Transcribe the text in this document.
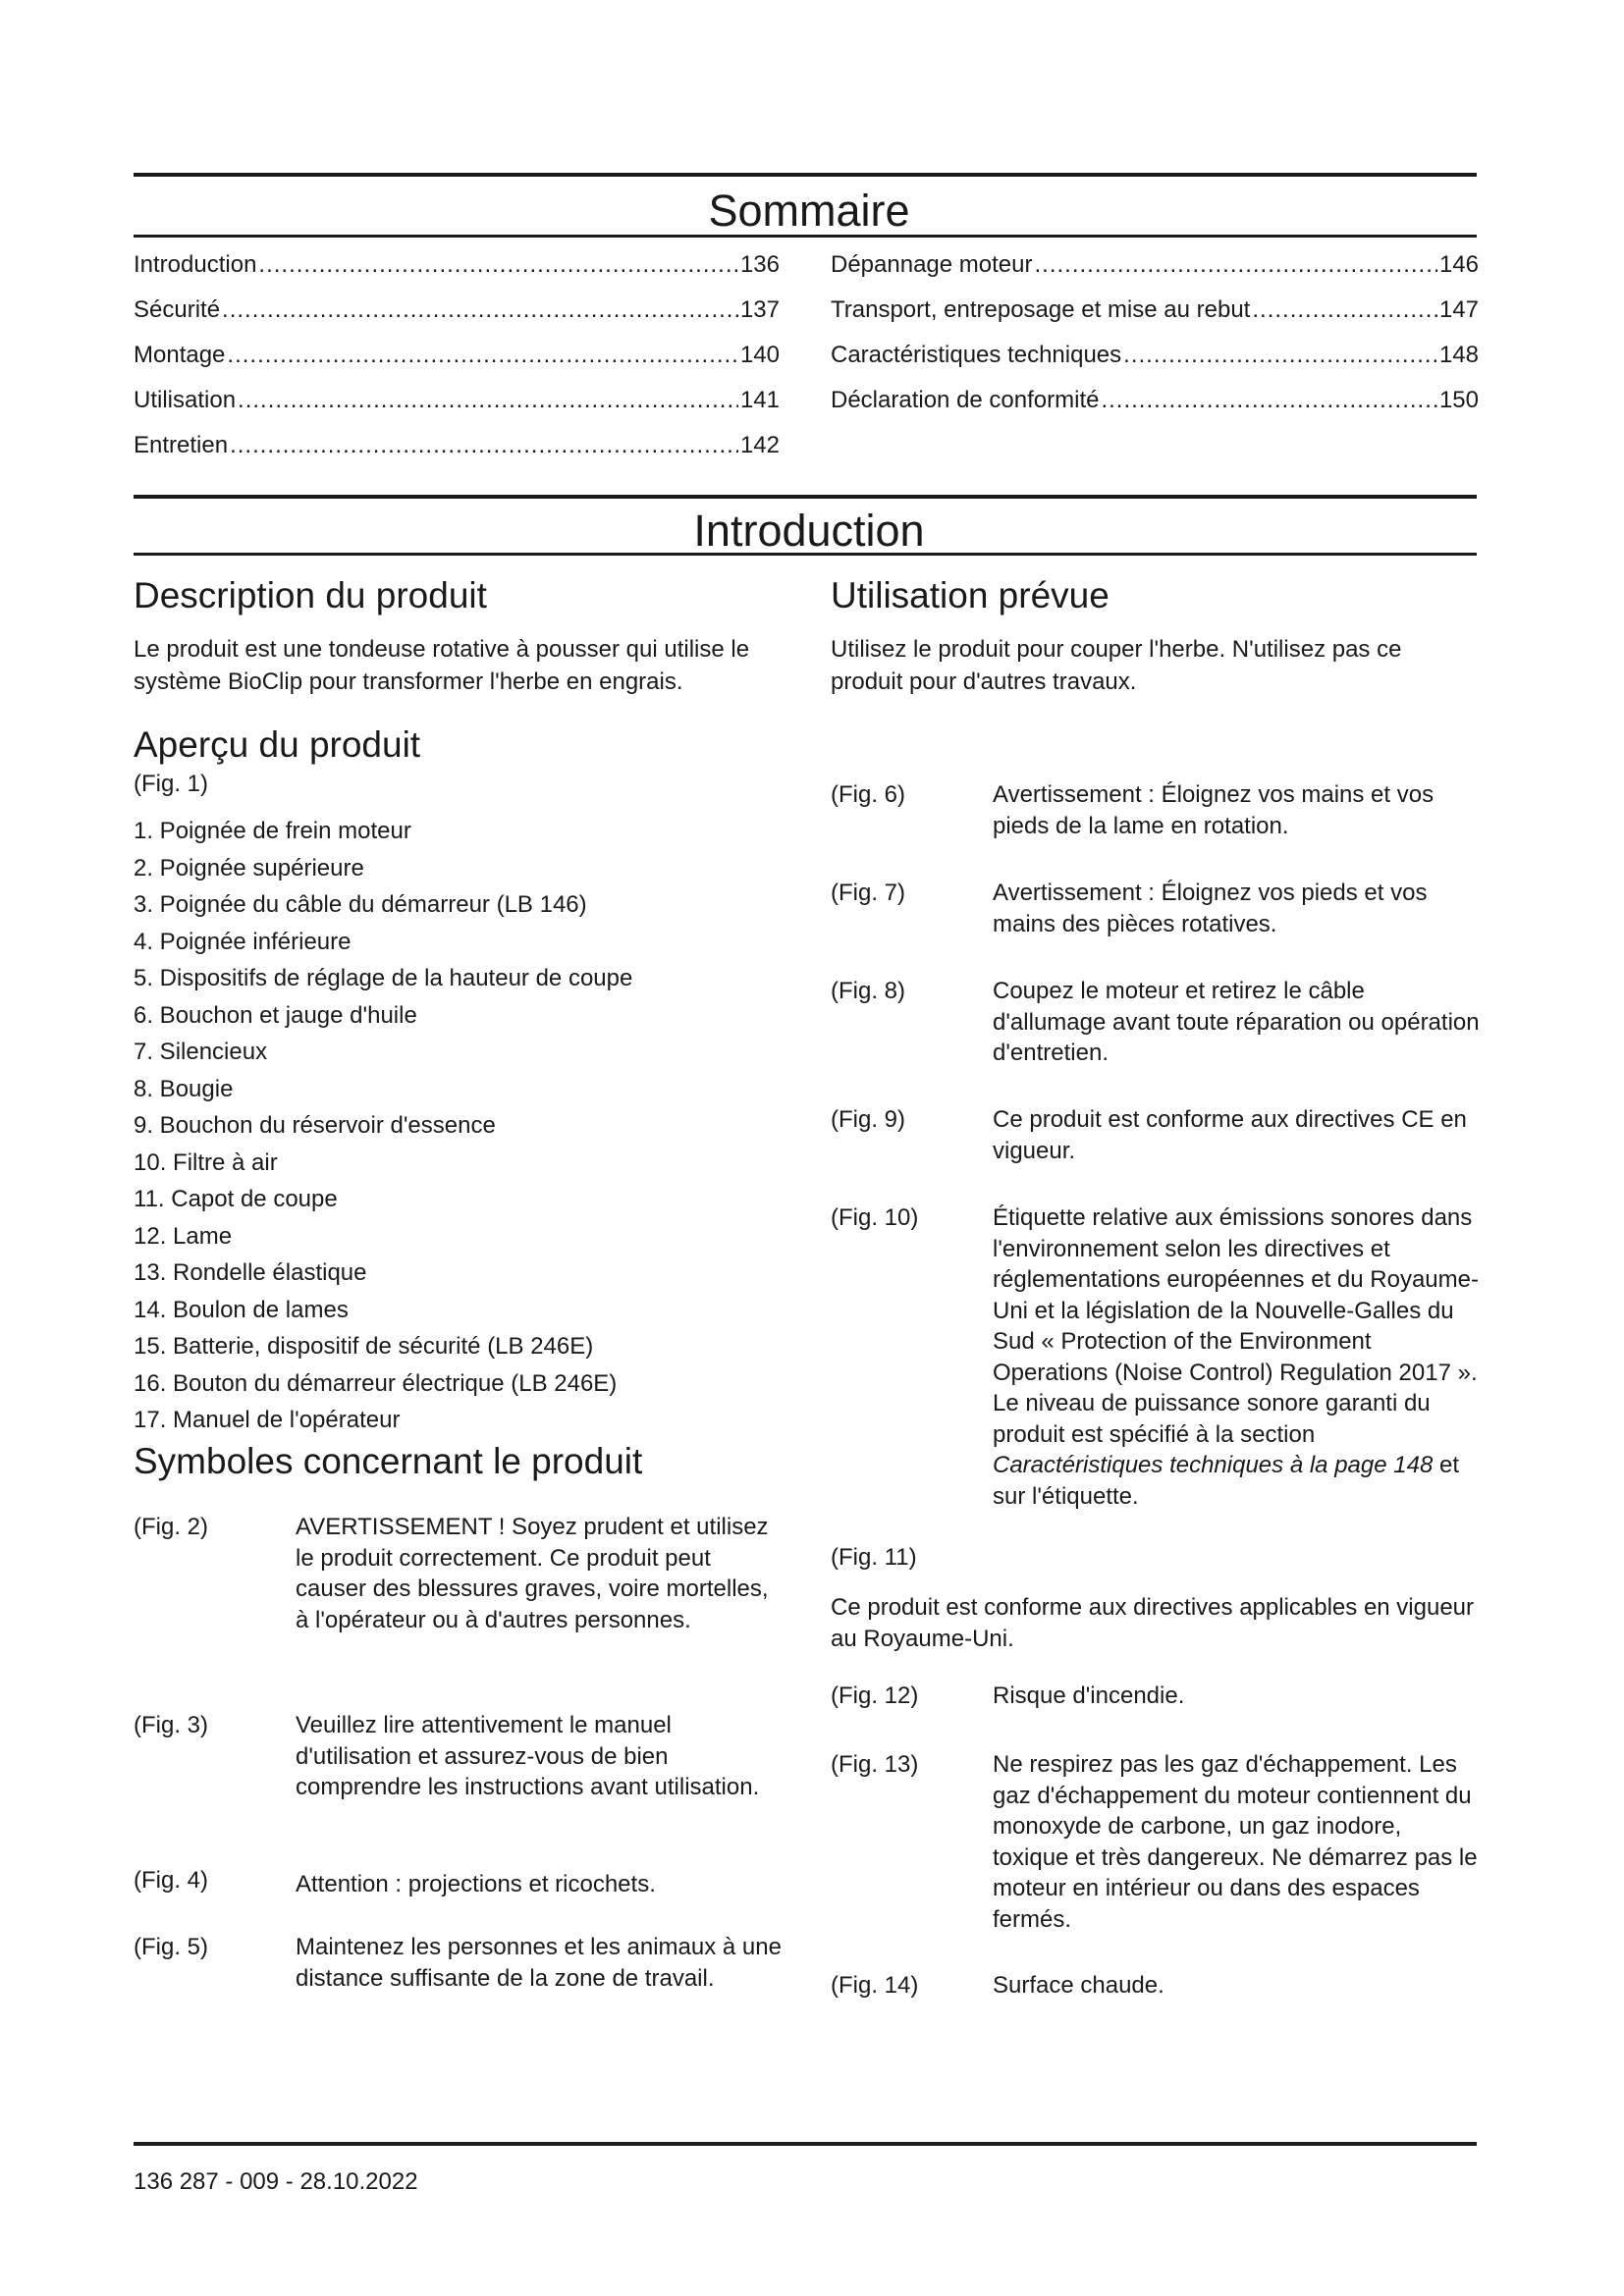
Sommaire
Introduction .....	136
Sécurité .....	137
Montage .....	140
Utilisation .....	141
Entretien .....	142
Dépannage moteur .....	146
Transport, entreposage et mise au rebut .....	147
Caractéristiques techniques .....	148
Déclaration de conformité .....	150
Introduction
Description du produit
Le produit est une tondeuse rotative à pousser qui utilise le système BioClip pour transformer l'herbe en engrais.
Utilisation prévue
Utilisez le produit pour couper l'herbe. N'utilisez pas ce produit pour d'autres travaux.
Aperçu du produit
(Fig. 1)
1. Poignée de frein moteur
2. Poignée supérieure
3. Poignée du câble du démarreur (LB 146)
4. Poignée inférieure
5. Dispositifs de réglage de la hauteur de coupe
6. Bouchon et jauge d'huile
7. Silencieux
8. Bougie
9. Bouchon du réservoir d'essence
10. Filtre à air
11. Capot de coupe
12. Lame
13. Rondelle élastique
14. Boulon de lames
15. Batterie, dispositif de sécurité (LB 246E)
16. Bouton du démarreur électrique (LB 246E)
17. Manuel de l'opérateur
Symboles concernant le produit
(Fig. 2)	AVERTISSEMENT ! Soyez prudent et utilisez le produit correctement. Ce produit peut causer des blessures graves, voire mortelles, à l'opérateur ou à d'autres personnes.
(Fig. 3)	Veuillez lire attentivement le manuel d'utilisation et assurez-vous de bien comprendre les instructions avant utilisation.
(Fig. 4)	Attention : projections et ricochets.
(Fig. 5)	Maintenez les personnes et les animaux à une distance suffisante de la zone de travail.
(Fig. 6)	Avertissement : Éloignez vos mains et vos pieds de la lame en rotation.
(Fig. 7)	Avertissement : Éloignez vos pieds et vos mains des pièces rotatives.
(Fig. 8)	Coupez le moteur et retirez le câble d'allumage avant toute réparation ou opération d'entretien.
(Fig. 9)	Ce produit est conforme aux directives CE en vigueur.
(Fig. 10)	Étiquette relative aux émissions sonores dans l'environnement selon les directives et réglementations européennes et du Royaume-Uni et la législation de la Nouvelle-Galles du Sud « Protection of the Environment Operations (Noise Control) Regulation 2017 ». Le niveau de puissance sonore garanti du produit est spécifié à la section Caractéristiques techniques à la page 148 et sur l'étiquette.
(Fig. 11)
Ce produit est conforme aux directives applicables en vigueur au Royaume-Uni.
(Fig. 12)	Risque d'incendie.
(Fig. 13)	Ne respirez pas les gaz d'échappement. Les gaz d'échappement du moteur contiennent du monoxyde de carbone, un gaz inodore, toxique et très dangereux. Ne démarrez pas le moteur en intérieur ou dans des espaces fermés.
(Fig. 14)	Surface chaude.
136 287 - 009 - 28.10.2022
